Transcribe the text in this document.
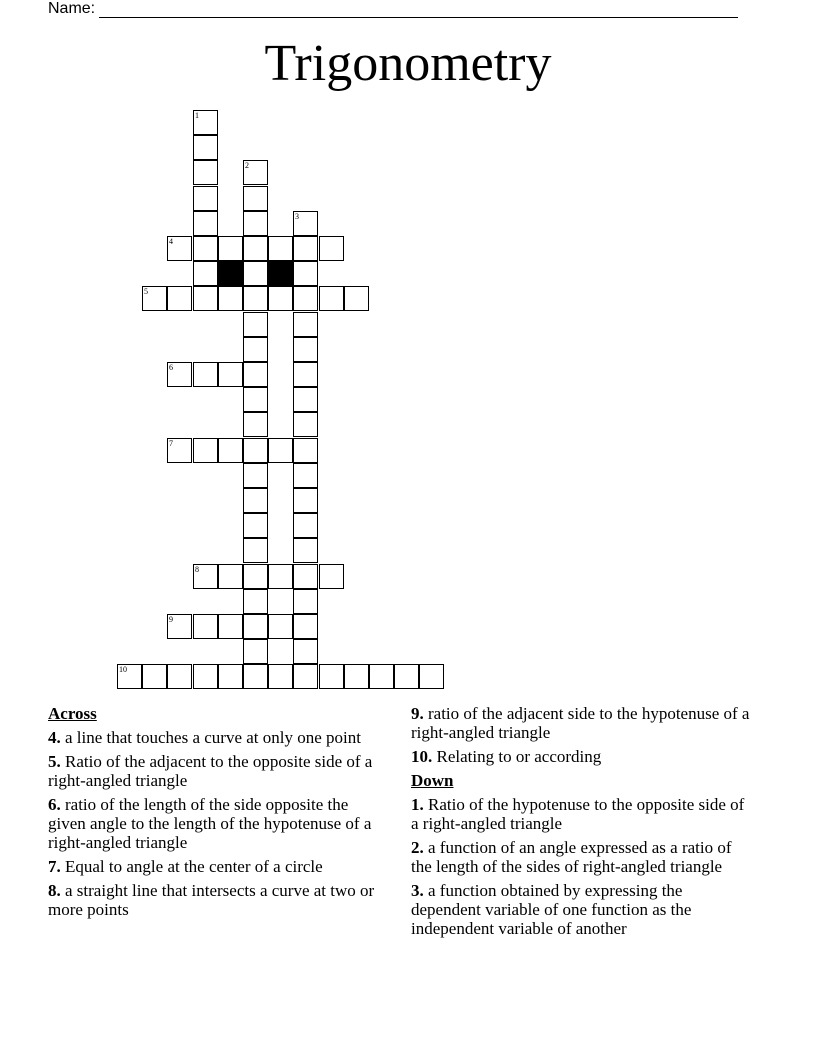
Name:
Trigonometry
1
2
3
4
5
6
7
8
9
10
Across
4. a line that touches a curve at only one point
5. Ratio of the adjacent to the opposite side of a right-angled triangle
6. ratio of the length of the side opposite the given angle to the length of the hypotenuse of a right-angled triangle
7. Equal to angle at the center of a circle
8. a straight line that intersects a curve at two or more points
9. ratio of the adjacent side to the hypotenuse of a right-angled triangle
10. Relating to or according
Down
1. Ratio of the hypotenuse to the opposite side of a right-angled triangle
2. a function of an angle expressed as a ratio of the length of the sides of right-angled triangle
3. a function obtained by expressing the dependent variable of one function as the independent variable of another
